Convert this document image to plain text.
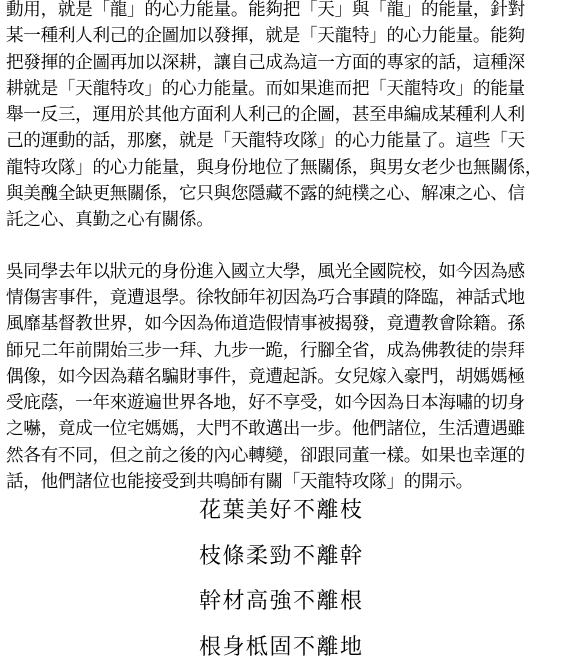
動用，就是「龍」的心力能量。能夠把「天」與「龍」的能量，針對
某一種利人利己的企圖加以發揮，就是「天龍特」的心力能量。能夠
把發揮的企圖再加以深耕，讓自己成為這一方面的專家的話，這種深
耕就是「天龍特攻」的心力能量。而如果進而把「天龍特攻」的能量
舉一反三，運用於其他方面利人利己的企圖，甚至串編成某種利人利
己的運動的話，那麼，就是「天龍特攻隊」的心力能量了。這些「天
龍特攻隊」的心力能量，與身份地位了無關係，與男女老少也無關係，
與美醜全缺更無關係，它只與您隱藏不露的純樸之心、解凍之心、信
託之心、真勤之心有關係。
吳同學去年以狀元的身份進入國立大學，風光全國院校，如今因為感
情傷害事件，竟遭退學。徐牧師年初因為巧合事蹟的降臨，神話式地
風靡基督教世界，如今因為佈道造假情事被揭發，竟遭教會除籍。孫
師兄二年前開始三步一拜、九步一跪，行腳全省，成為佛教徒的崇拜
偶像，如今因為藉名騙財事件，竟遭起訴。女兒嫁入豪門，胡媽媽極
受庇蔭，一年來遊遍世界各地，好不享受，如今因為日本海嘯的切身
之嚇，竟成一位宅媽媽，大門不敢邁出一步。他們諸位，生活遭遇雖
然各有不同，但之前之後的內心轉變，卻跟同董一樣。如果也幸運的
話，他們諸位也能接受到共鳴師有關「天龍特攻隊」的開示。
花葉美好不離枝
枝條柔勁不離幹
幹材高強不離根
根身柢固不離地
